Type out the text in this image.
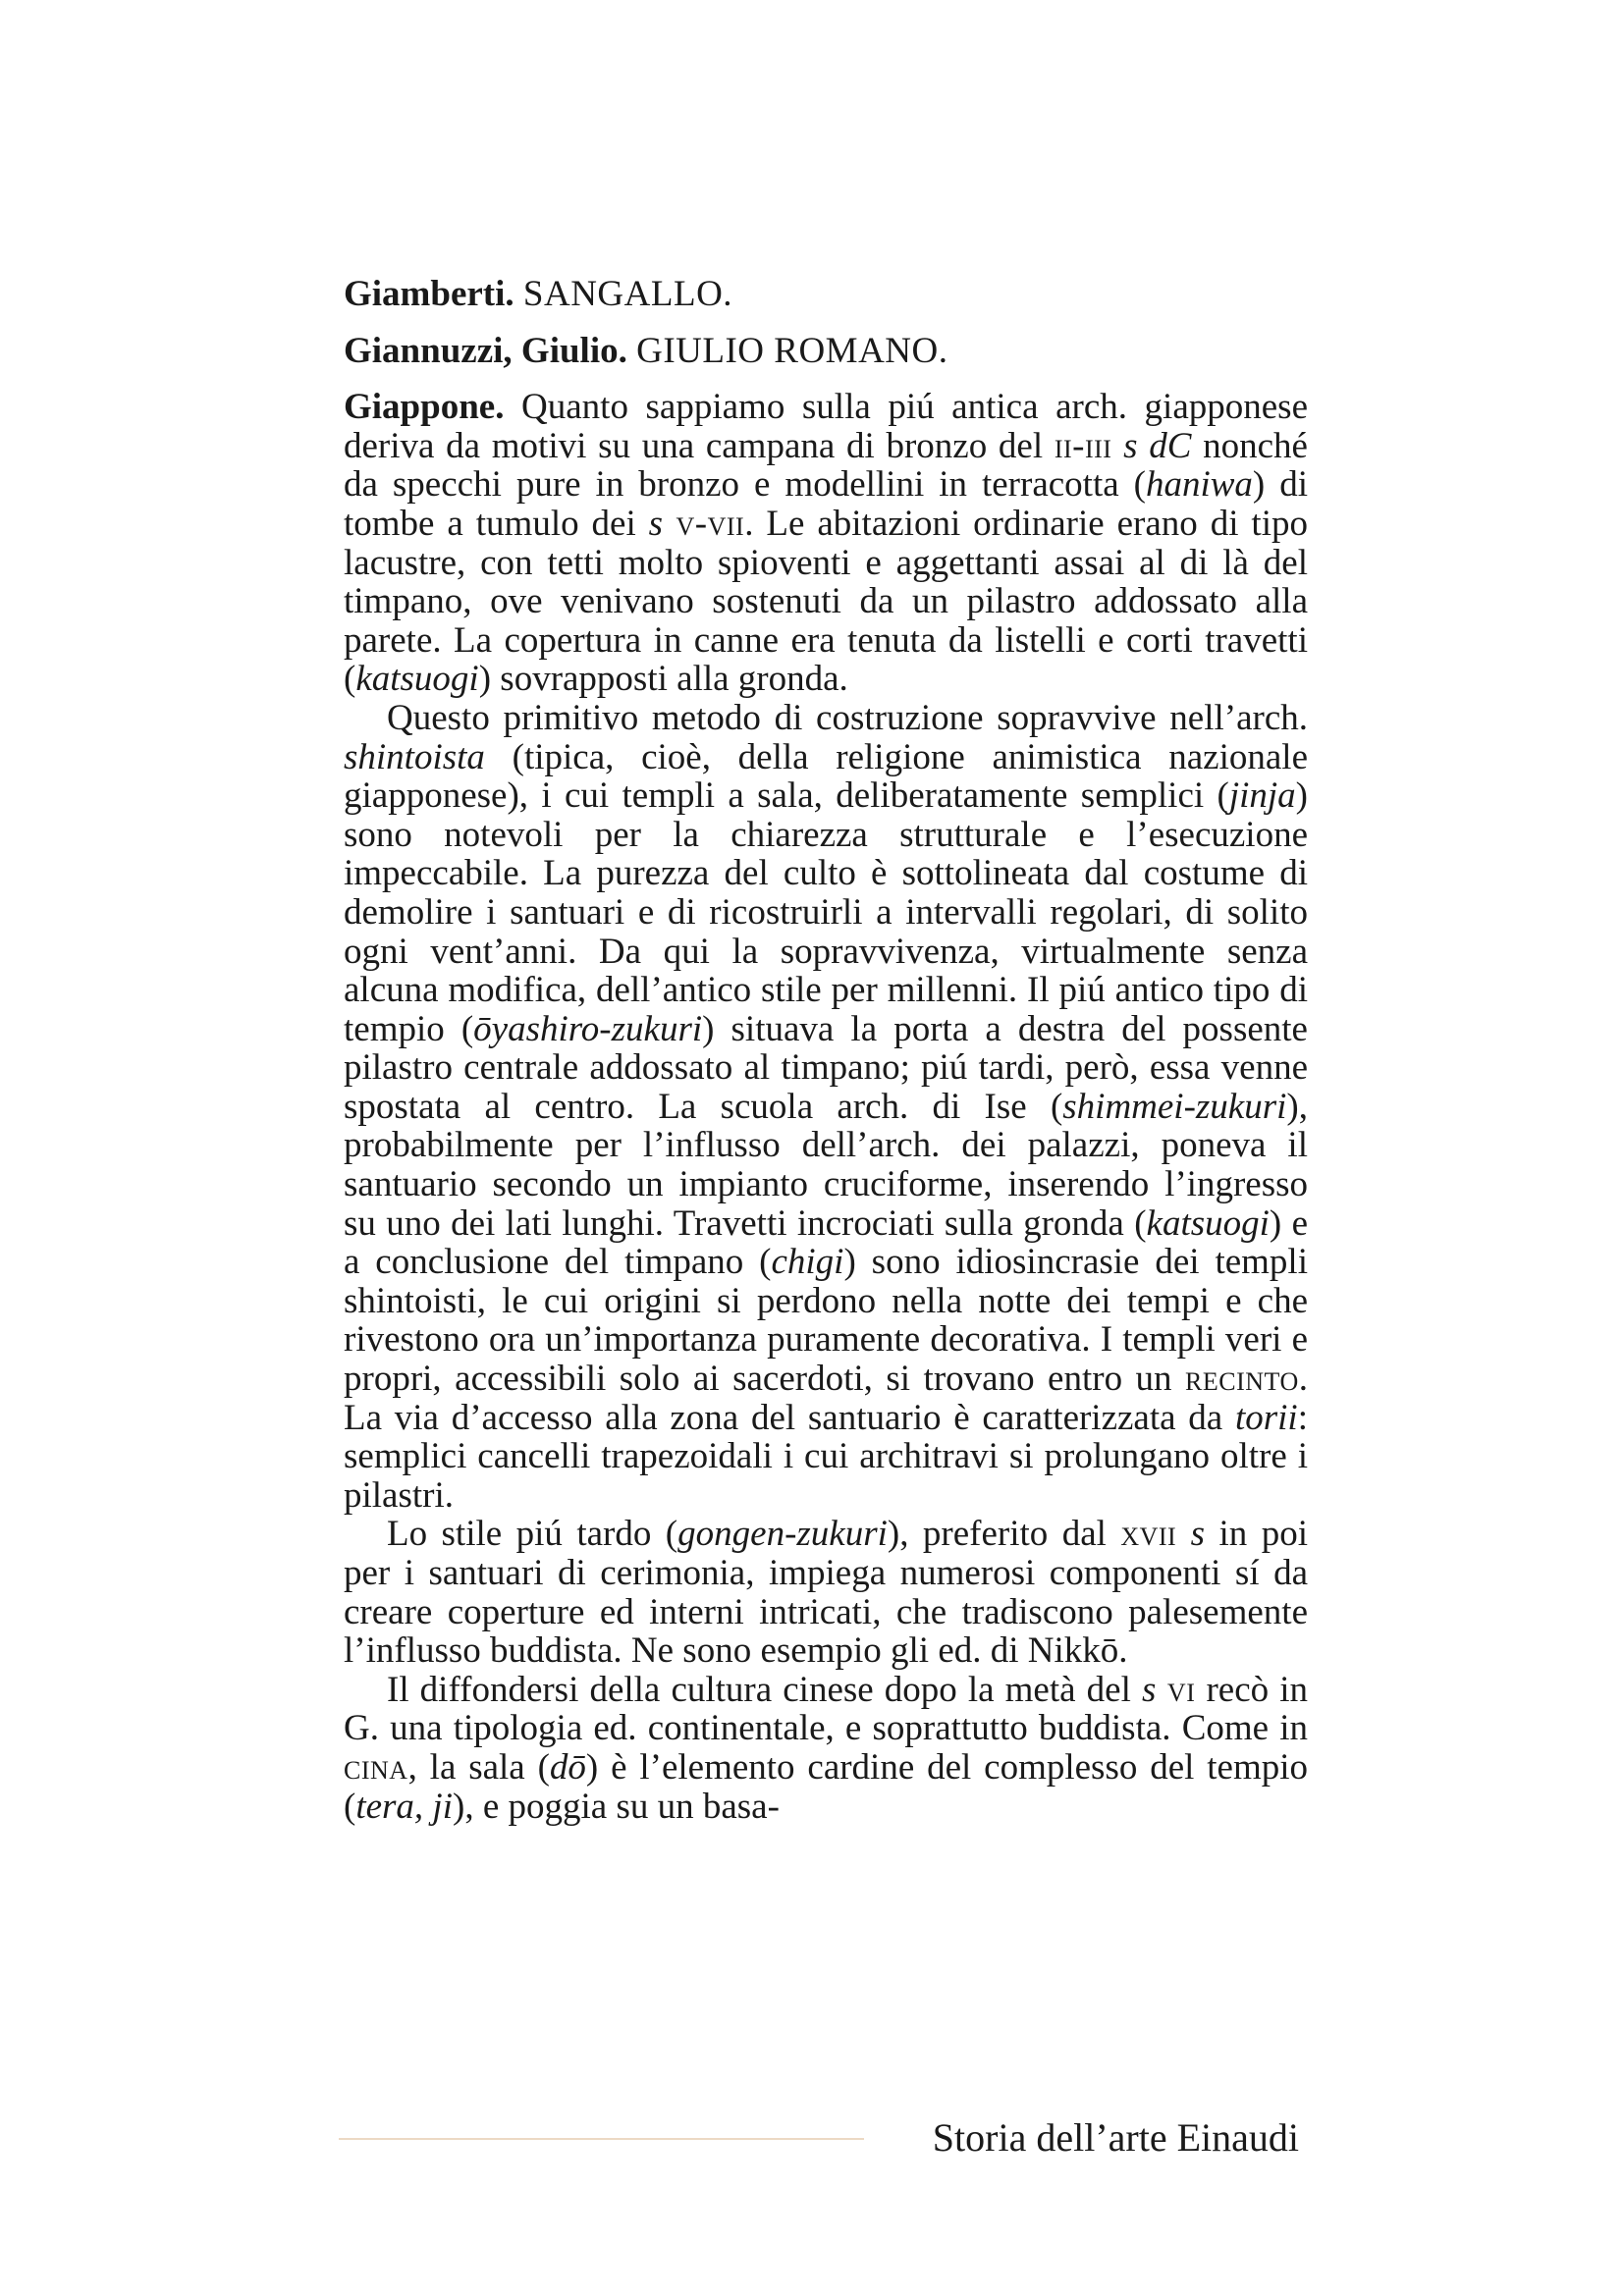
Giamberti. SANGALLO.

Giannuzzi, Giulio. GIULIO ROMANO.

Giappone. Quanto sappiamo sulla piú antica arch. giapponese deriva da motivi su una campana di bronzo del ii-iii s dC nonché da specchi pure in bronzo e modellini in terracotta (haniwa) di tombe a tumulo dei s v-vii. Le abitazioni ordinarie erano di tipo lacustre, con tetti molto spioventi e aggettanti assai al di là del timpano, ove venivano sostenuti da un pilastro addossato alla parete. La copertura in canne era tenuta da listelli e corti travetti (katsuogi) sovrapposti alla gronda.

Questo primitivo metodo di costruzione sopravvive nell’arch. shintoista (tipica, cioè, della religione animistica nazionale giapponese), i cui templi a sala, deliberatamente semplici (jinja) sono notevoli per la chiarezza strutturale e l’esecuzione impeccabile. La purezza del culto è sottolineata dal costume di demolire i santuari e di ricostruirli a intervalli regolari, di solito ogni vent’anni. Da qui la sopravvivenza, virtualmente senza alcuna modifica, dell’antico stile per millenni. Il piú antico tipo di tempio (ōyashiro-zukuri) situava la porta a destra del possente pilastro centrale addossato al timpano; piú tardi, però, essa venne spostata al centro. La scuola arch. di Ise (shimmei-zukuri), probabilmente per l’influsso dell’arch. dei palazzi, poneva il santuario secondo un impianto cruciforme, inserendo l’ingresso su uno dei lati lunghi. Travetti incrociati sulla gronda (katsuogi) e a conclusione del timpano (chigi) sono idiosincrasie dei templi shintoisti, le cui origini si perdono nella notte dei tempi e che rivestono ora un’importanza puramente decorativa. I templi veri e propri, accessibili solo ai sacerdoti, si trovano entro un recinto. La via d’accesso alla zona del santuario è caratterizzata da torii: semplici cancelli trapezoidali i cui architravi si prolungano oltre i pilastri.

Lo stile piú tardo (gongen-zukuri), preferito dal xvii s in poi per i santuari di cerimonia, impiega numerosi componenti sí da creare coperture ed interni intricati, che tradiscono palesemente l’influsso buddista. Ne sono esempio gli ed. di Nikkō.

Il diffondersi della cultura cinese dopo la metà del s vi recò in G. una tipologia ed. continentale, e soprattutto buddista. Come in cina, la sala (dō) è l’elemento cardine del complesso del tempio (tera, ji), e poggia su un basa-

Storia dell’arte Einaudi
